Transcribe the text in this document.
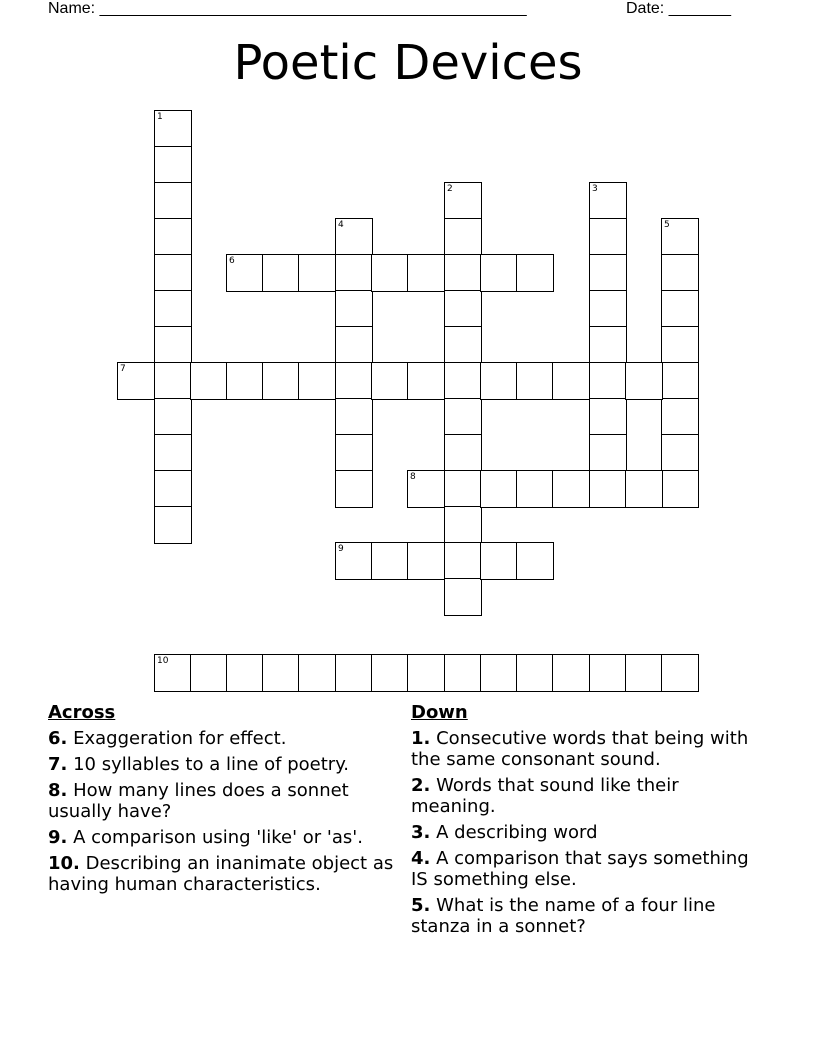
Name: ________________________________________________	Date: _______
Poetic Devices
1
2	3
4	5
6
7
8
9
10
Across
6. Exaggeration for effect.
7. 10 syllables to a line of poetry.
8. How many lines does a sonnet usually have?
9. A comparison using 'like' or 'as'.
10. Describing an inanimate object as having human characteristics.
Down
1. Consecutive words that being with the same consonant sound.
2. Words that sound like their meaning.
3. A describing word
4. A comparison that says something IS something else.
5. What is the name of a four line stanza in a sonnet?
